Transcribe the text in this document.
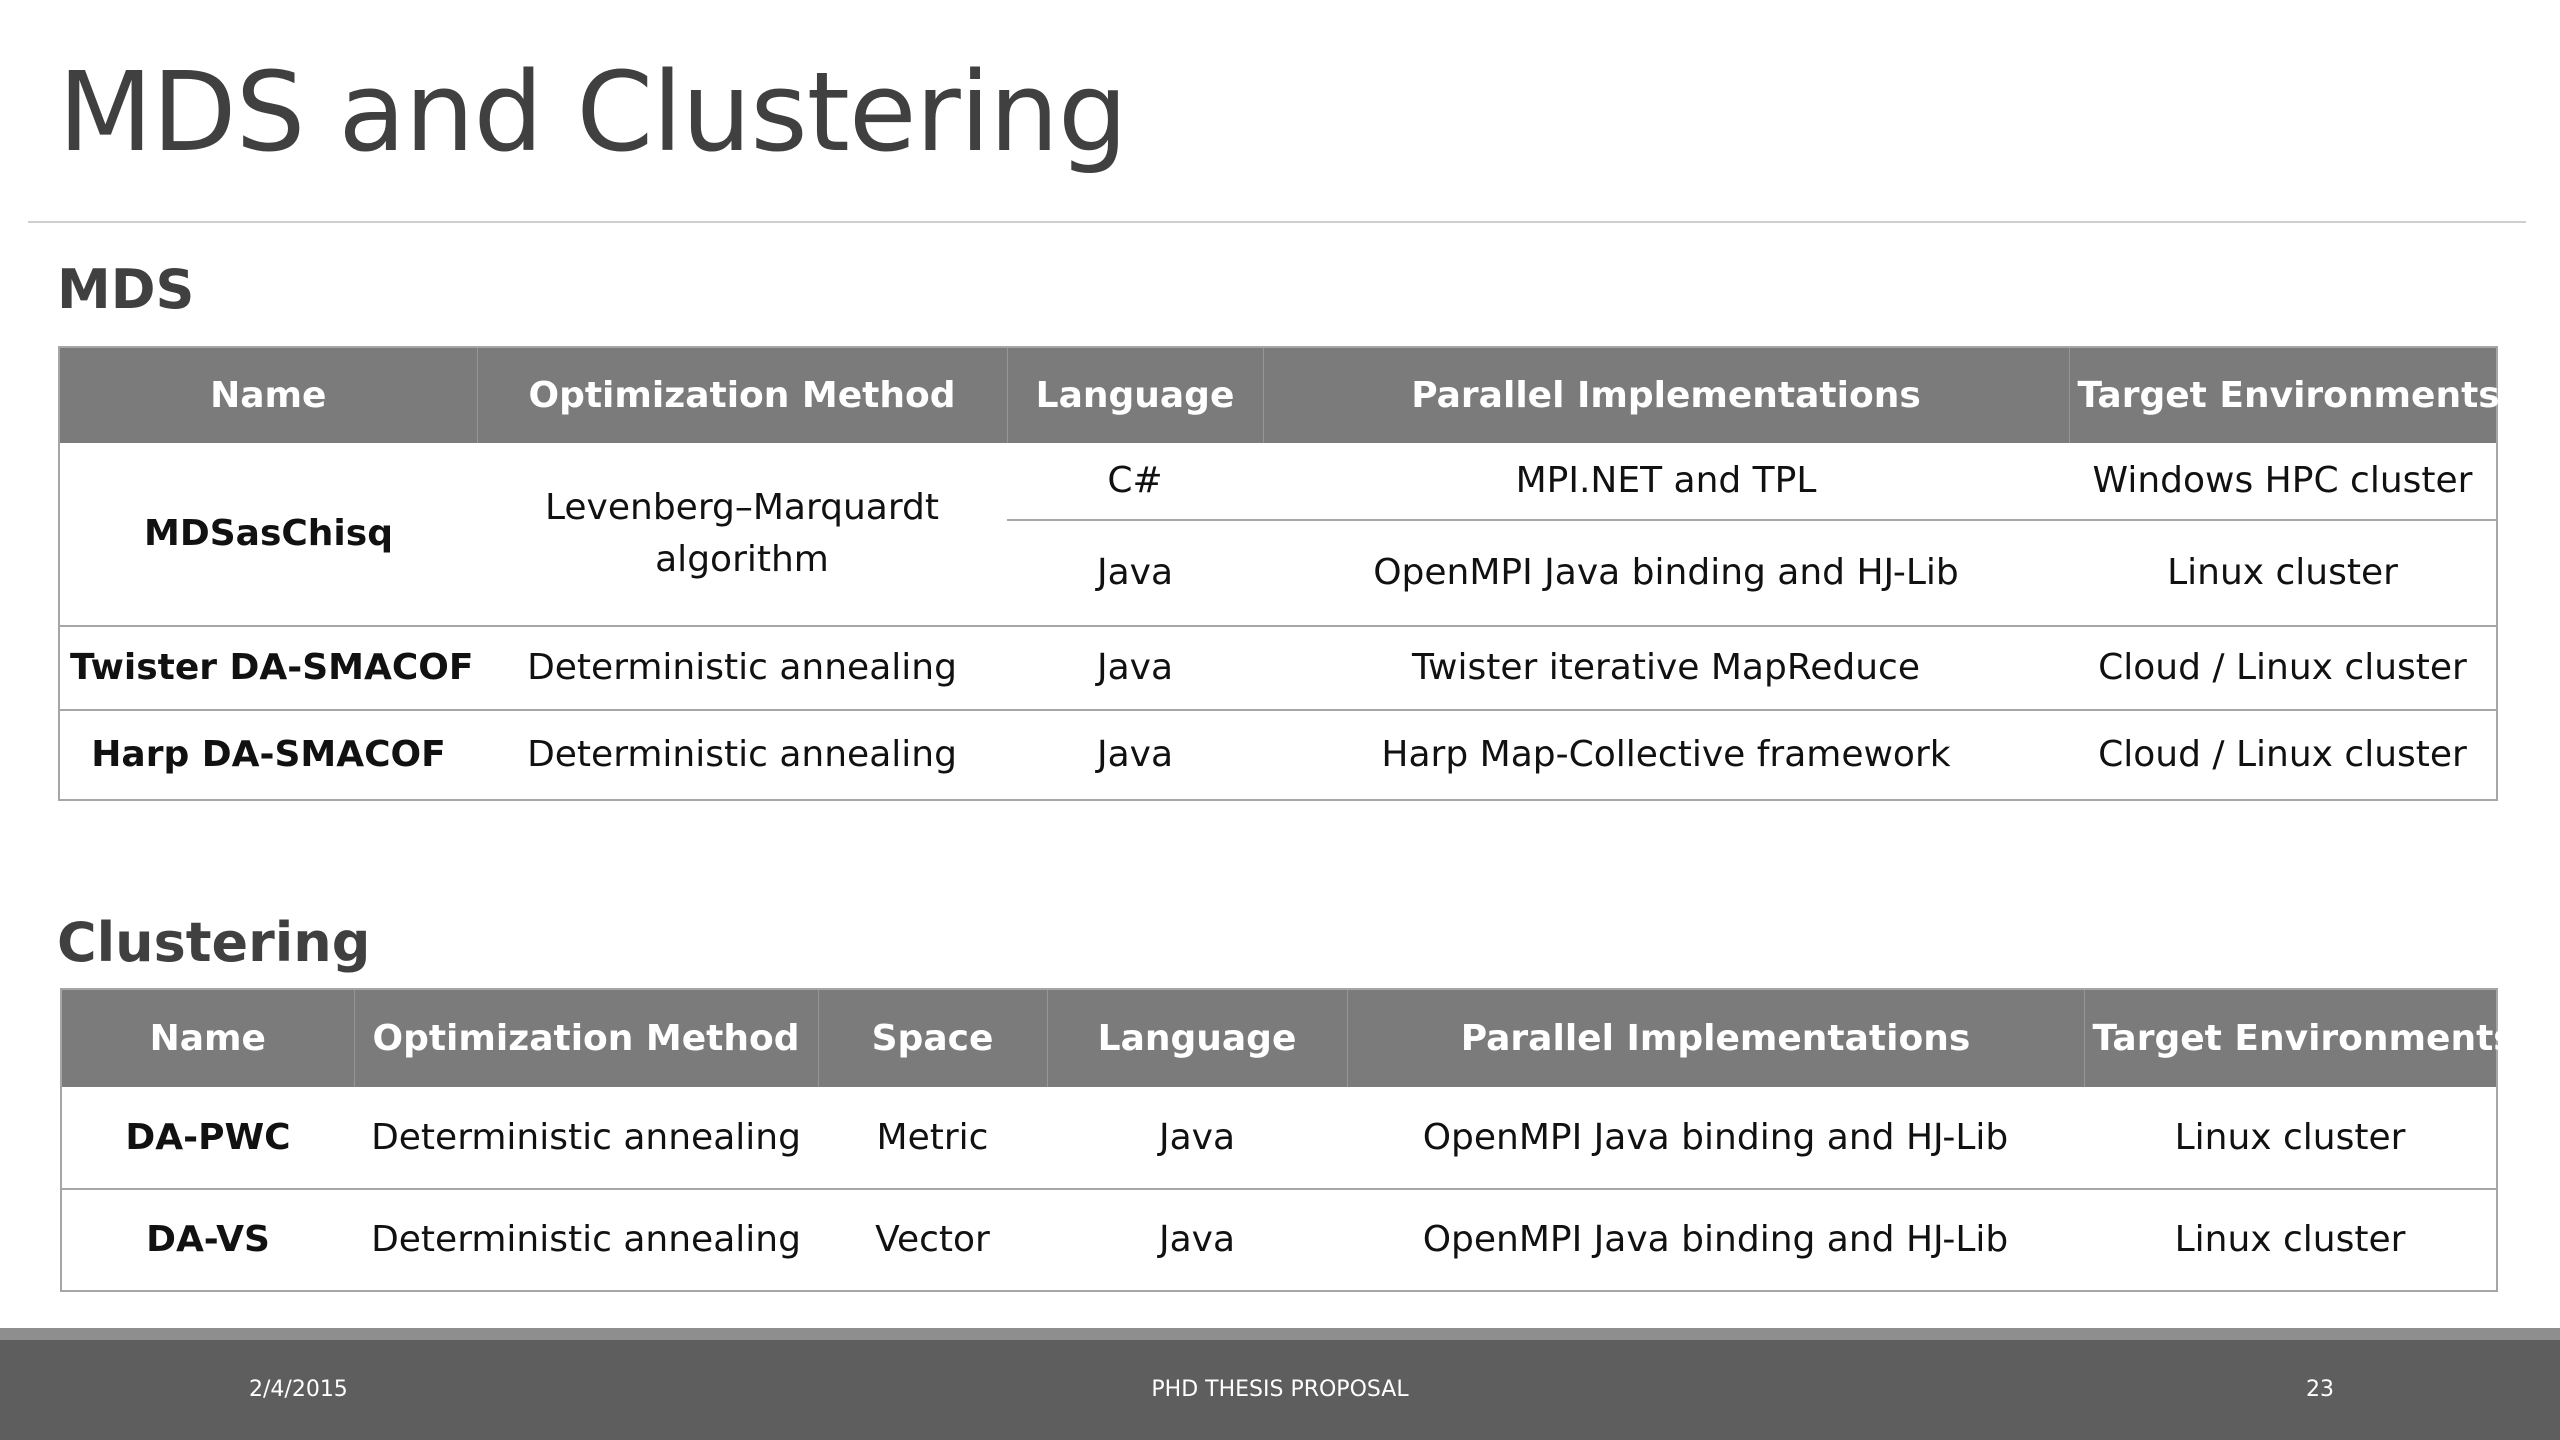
MDS and Clustering
MDS
Name	Optimization Method	Language	Parallel Implementations	Target Environments
MDSasChisq	Levenberg–Marquardt algorithm	C#	MPI.NET and TPL	Windows HPC cluster
		Java	OpenMPI Java binding and HJ-Lib	Linux cluster
Twister DA-SMACOF	Deterministic annealing	Java	Twister iterative MapReduce	Cloud / Linux cluster
Harp DA-SMACOF	Deterministic annealing	Java	Harp Map-Collective framework	Cloud / Linux cluster
Clustering
Name	Optimization Method	Space	Language	Parallel Implementations	Target Environments
DA-PWC	Deterministic annealing	Metric	Java	OpenMPI Java binding and HJ-Lib	Linux cluster
DA-VS	Deterministic annealing	Vector	Java	OpenMPI Java binding and HJ-Lib	Linux cluster
2/4/2015	PHD THESIS PROPOSAL	23
